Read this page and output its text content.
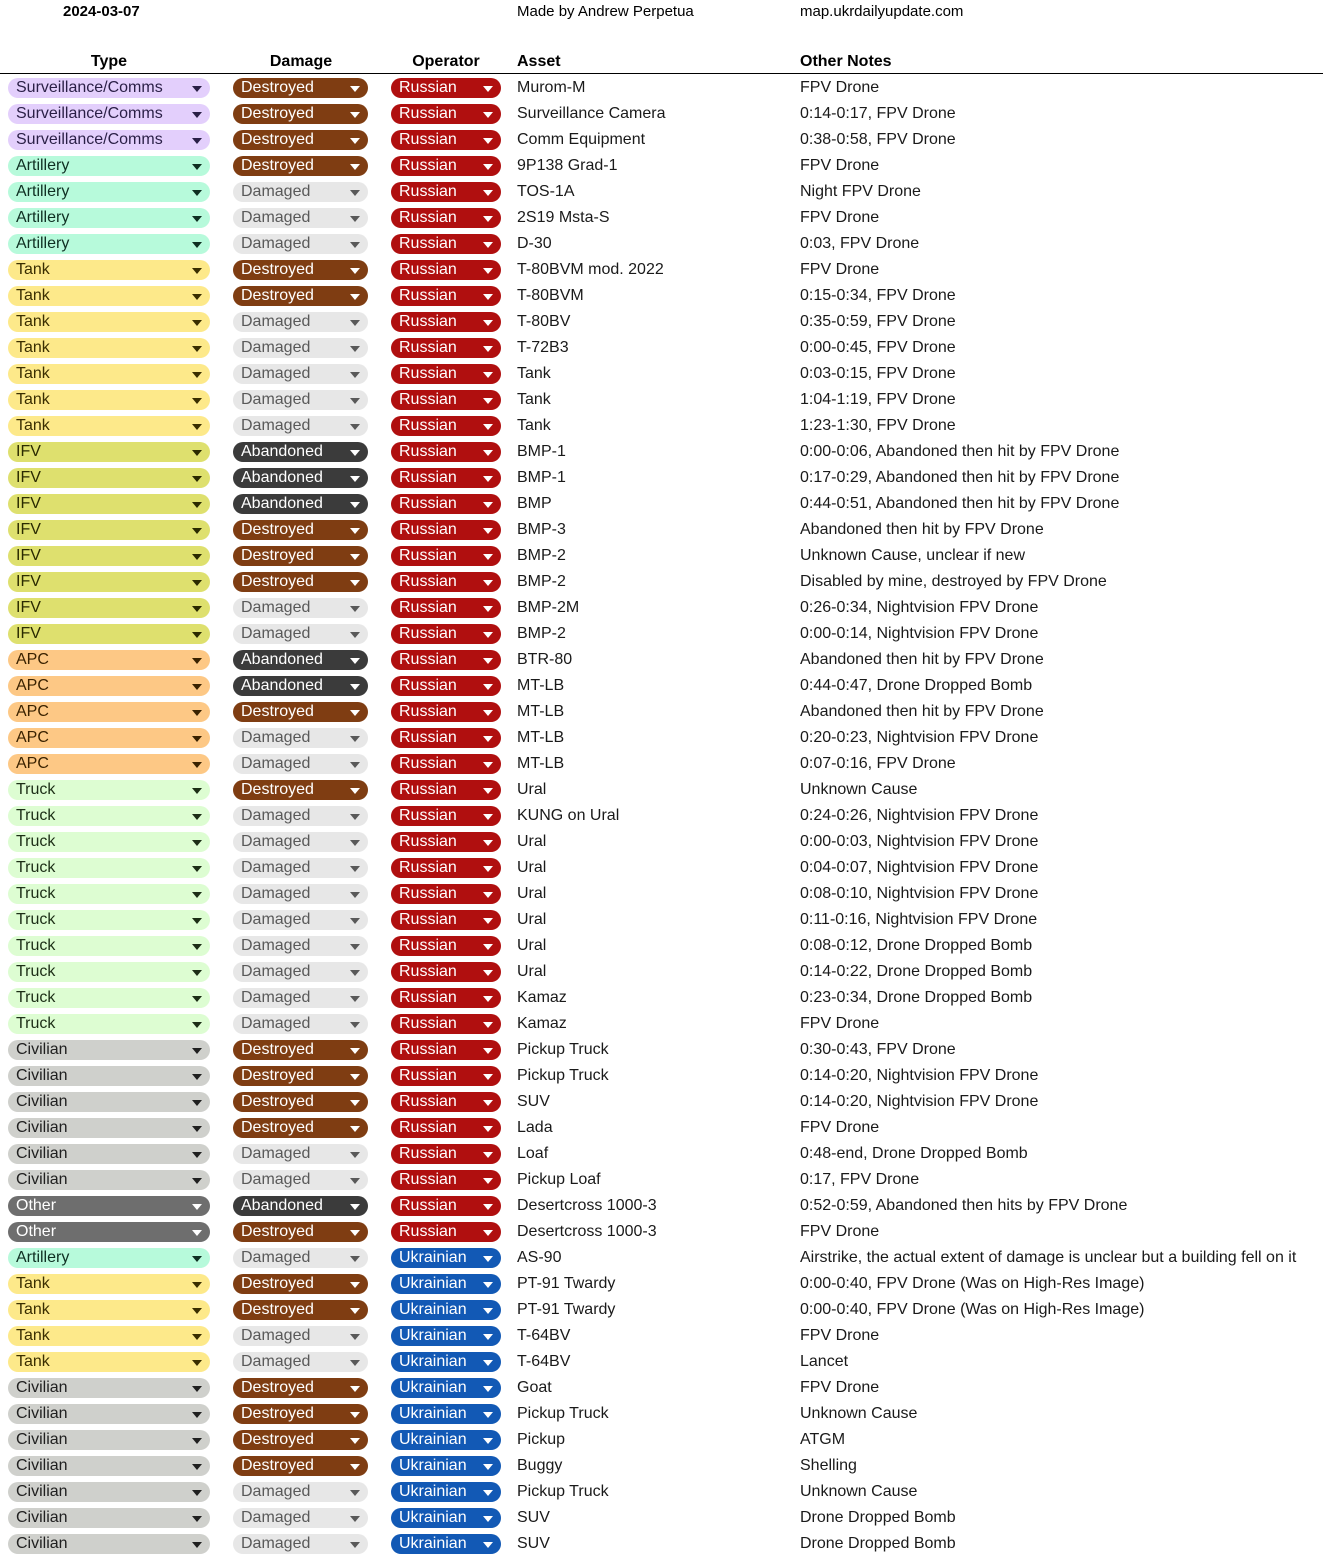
2024-03-07	Made by Andrew Perpetua	map.ukrdailyupdate.com
Type	Damage	Operator	Asset	Other Notes
Surveillance/Comms	Destroyed	Russian	Murom-M	FPV Drone
Surveillance/Comms	Destroyed	Russian	Surveillance Camera	0:14-0:17, FPV Drone
Surveillance/Comms	Destroyed	Russian	Comm Equipment	0:38-0:58, FPV Drone
Artillery	Destroyed	Russian	9P138 Grad-1	FPV Drone
Artillery	Damaged	Russian	TOS-1A	Night FPV Drone
Artillery	Damaged	Russian	2S19 Msta-S	FPV Drone
Artillery	Damaged	Russian	D-30	0:03, FPV Drone
Tank	Destroyed	Russian	T-80BVM mod. 2022	FPV Drone
Tank	Destroyed	Russian	T-80BVM	0:15-0:34, FPV Drone
Tank	Damaged	Russian	T-80BV	0:35-0:59, FPV Drone
Tank	Damaged	Russian	T-72B3	0:00-0:45, FPV Drone
Tank	Damaged	Russian	Tank	0:03-0:15, FPV Drone
Tank	Damaged	Russian	Tank	1:04-1:19, FPV Drone
Tank	Damaged	Russian	Tank	1:23-1:30, FPV Drone
IFV	Abandoned	Russian	BMP-1	0:00-0:06, Abandoned then hit by FPV Drone
IFV	Abandoned	Russian	BMP-1	0:17-0:29, Abandoned then hit by FPV Drone
IFV	Abandoned	Russian	BMP	0:44-0:51, Abandoned then hit by FPV Drone
IFV	Destroyed	Russian	BMP-3	Abandoned then hit by FPV Drone
IFV	Destroyed	Russian	BMP-2	Unknown Cause, unclear if new
IFV	Destroyed	Russian	BMP-2	Disabled by mine, destroyed by FPV Drone
IFV	Damaged	Russian	BMP-2M	0:26-0:34, Nightvision FPV Drone
IFV	Damaged	Russian	BMP-2	0:00-0:14, Nightvision FPV Drone
APC	Abandoned	Russian	BTR-80	Abandoned then hit by FPV Drone
APC	Abandoned	Russian	MT-LB	0:44-0:47, Drone Dropped Bomb
APC	Destroyed	Russian	MT-LB	Abandoned then hit by FPV Drone
APC	Damaged	Russian	MT-LB	0:20-0:23, Nightvision FPV Drone
APC	Damaged	Russian	MT-LB	0:07-0:16, FPV Drone
Truck	Destroyed	Russian	Ural	Unknown Cause
Truck	Damaged	Russian	KUNG on Ural	0:24-0:26, Nightvision FPV Drone
Truck	Damaged	Russian	Ural	0:00-0:03, Nightvision FPV Drone
Truck	Damaged	Russian	Ural	0:04-0:07, Nightvision FPV Drone
Truck	Damaged	Russian	Ural	0:08-0:10, Nightvision FPV Drone
Truck	Damaged	Russian	Ural	0:11-0:16, Nightvision FPV Drone
Truck	Damaged	Russian	Ural	0:08-0:12, Drone Dropped Bomb
Truck	Damaged	Russian	Ural	0:14-0:22, Drone Dropped Bomb
Truck	Damaged	Russian	Kamaz	0:23-0:34, Drone Dropped Bomb
Truck	Damaged	Russian	Kamaz	FPV Drone
Civilian	Destroyed	Russian	Pickup Truck	0:30-0:43, FPV Drone
Civilian	Destroyed	Russian	Pickup Truck	0:14-0:20, Nightvision FPV Drone
Civilian	Destroyed	Russian	SUV	0:14-0:20, Nightvision FPV Drone
Civilian	Destroyed	Russian	Lada	FPV Drone
Civilian	Damaged	Russian	Loaf	0:48-end, Drone Dropped Bomb
Civilian	Damaged	Russian	Pickup Loaf	0:17, FPV Drone
Other	Abandoned	Russian	Desertcross 1000-3	0:52-0:59, Abandoned then hits by FPV Drone
Other	Destroyed	Russian	Desertcross 1000-3	FPV Drone
Artillery	Damaged	Ukrainian	AS-90	Airstrike, the actual extent of damage is unclear but a building fell on it
Tank	Destroyed	Ukrainian	PT-91 Twardy	0:00-0:40, FPV Drone (Was on High-Res Image)
Tank	Destroyed	Ukrainian	PT-91 Twardy	0:00-0:40, FPV Drone (Was on High-Res Image)
Tank	Damaged	Ukrainian	T-64BV	FPV Drone
Tank	Damaged	Ukrainian	T-64BV	Lancet
Civilian	Destroyed	Ukrainian	Goat	FPV Drone
Civilian	Destroyed	Ukrainian	Pickup Truck	Unknown Cause
Civilian	Destroyed	Ukrainian	Pickup	ATGM
Civilian	Destroyed	Ukrainian	Buggy	Shelling
Civilian	Damaged	Ukrainian	Pickup Truck	Unknown Cause
Civilian	Damaged	Ukrainian	SUV	Drone Dropped Bomb
Civilian	Damaged	Ukrainian	SUV	Drone Dropped Bomb
